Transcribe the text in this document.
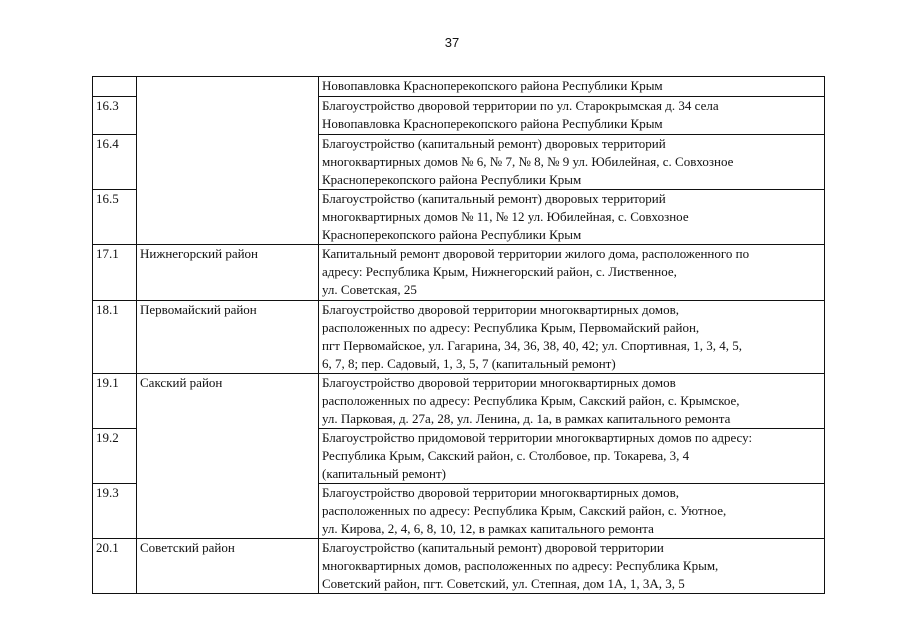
37

		Новопавловка Красноперекопского района Республики Крым

16.3		Благоустройство дворовой территории по ул. Старокрымская д. 34 села
Новопавловка Красноперекопского района Республики Крым

16.4		Благоустройство (капитальный ремонт) дворовых территорий
многоквартирных домов № 6, № 7, № 8, № 9 ул. Юбилейная, с. Совхозное
Красноперекопского района Республики Крым

16.5		Благоустройство (капитальный ремонт) дворовых территорий
многоквартирных домов № 11, № 12 ул. Юбилейная, с. Совхозное
Красноперекопского района Республики Крым

17.1	Нижнегорский район	Капитальный ремонт дворовой территории жилого дома, расположенного по
адресу: Республика Крым, Нижнегорский район, с. Лиственное,
ул. Советская, 25

18.1	Первомайский район	Благоустройство дворовой территории многоквартирных домов,
расположенных по адресу: Республика Крым, Первомайский район,
пгт Первомайское, ул. Гагарина, 34, 36, 38, 40, 42; ул. Спортивная, 1, 3, 4, 5,
6, 7, 8; пер. Садовый, 1, 3, 5, 7 (капитальный ремонт)

19.1	Сакский район	Благоустройство дворовой территории многоквартирных домов
расположенных по адресу: Республика Крым, Сакский район, с. Крымское,
ул. Парковая, д. 27а, 28, ул. Ленина, д. 1а, в рамках капитального ремонта

19.2		Благоустройство придомовой территории многоквартирных домов по адресу:
Республика Крым, Сакский район, с. Столбовое, пр. Токарева, 3, 4
(капитальный ремонт)

19.3		Благоустройство дворовой территории многоквартирных домов,
расположенных по адресу: Республика Крым, Сакский район, с. Уютное,
ул. Кирова, 2, 4, 6, 8, 10, 12, в рамках капитального ремонта

20.1	Советский район	Благоустройство (капитальный ремонт) дворовой территории
многоквартирных домов, расположенных по адресу: Республика Крым,
Советский район, пгт. Советский, ул. Степная, дом 1А, 1, 3А, 3, 5
